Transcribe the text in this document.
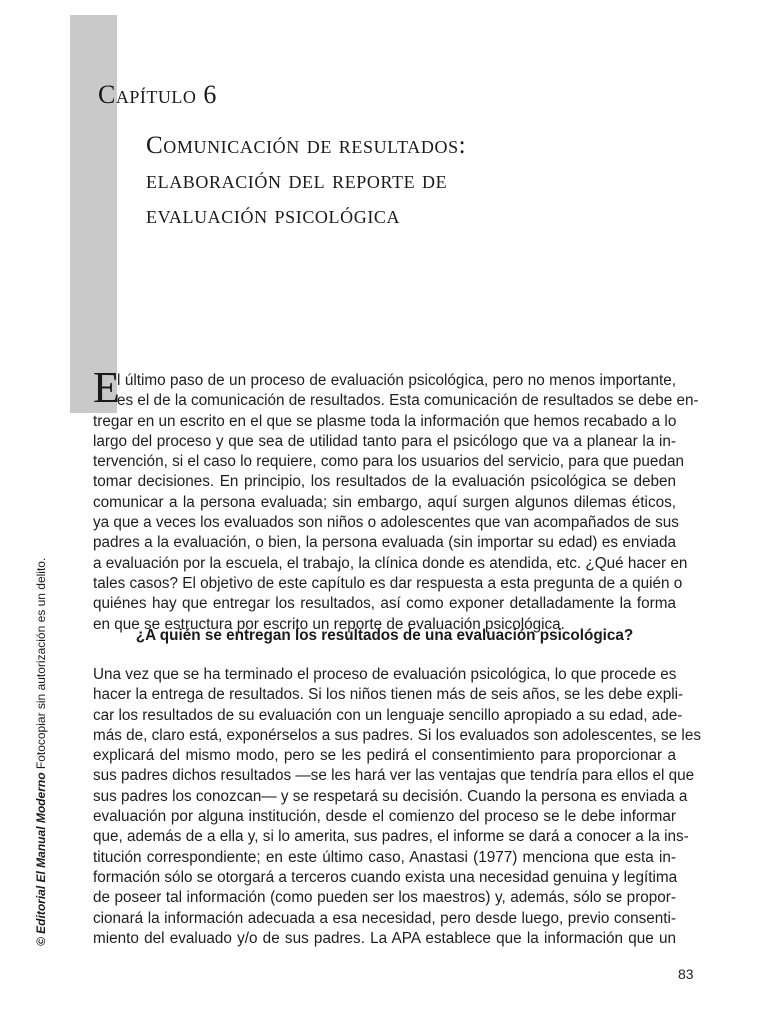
Capítulo 6
Comunicación de resultados:
elaboración del reporte de
evaluación psicológica
E
l último paso de un proceso de evaluación psicológica, pero no menos importante,
es el de la comunicación de resultados. Esta comunicación de resultados se debe en-
tregar en un escrito en el que se plasme toda la información que hemos recabado a lo
largo del proceso y que sea de utilidad tanto para el psicólogo que va a planear la in-
tervención, si el caso lo requiere, como para los usuarios del servicio, para que puedan
tomar decisiones. En principio, los resultados de la evaluación psicológica se deben
comunicar a la persona evaluada; sin embargo, aquí surgen algunos dilemas éticos,
ya que a veces los evaluados son niños o adolescentes que van acompañados de sus
padres a la evaluación, o bien, la persona evaluada (sin importar su edad) es enviada
a evaluación por la escuela, el trabajo, la clínica donde es atendida, etc. ¿Qué hacer en
tales casos? El objetivo de este capítulo es dar respuesta a esta pregunta de a quién o
quiénes hay que entregar los resultados, así como exponer detalladamente la forma
en que se estructura por escrito un reporte de evaluación psicológica.
¿A quién se entregan los resultados de una evaluación psicológica?
Una vez que se ha terminado el proceso de evaluación psicológica, lo que procede es
hacer la entrega de resultados. Si los niños tienen más de seis años, se les debe expli-
car los resultados de su evaluación con un lenguaje sencillo apropiado a su edad, ade-
más de, claro está, exponérselos a sus padres. Si los evaluados son adolescentes, se les
explicará del mismo modo, pero se les pedirá el consentimiento para proporcionar a
sus padres dichos resultados —se les hará ver las ventajas que tendría para ellos el que
sus padres los conozcan— y se respetará su decisión. Cuando la persona es enviada a
evaluación por alguna institución, desde el comienzo del proceso se le debe informar
que, además de a ella y, si lo amerita, sus padres, el informe se dará a conocer a la ins-
titución correspondiente; en este último caso, Anastasi (1977) menciona que esta in-
formación sólo se otorgará a terceros cuando exista una necesidad genuina y legítima
de poseer tal información (como pueden ser los maestros) y, además, sólo se propor-
cionará la información adecuada a esa necesidad, pero desde luego, previo consenti-
miento del evaluado y/o de sus padres. La APA establece que la información que un
83
© Editorial El Manual Moderno Fotocopiar sin autorización es un delito.
